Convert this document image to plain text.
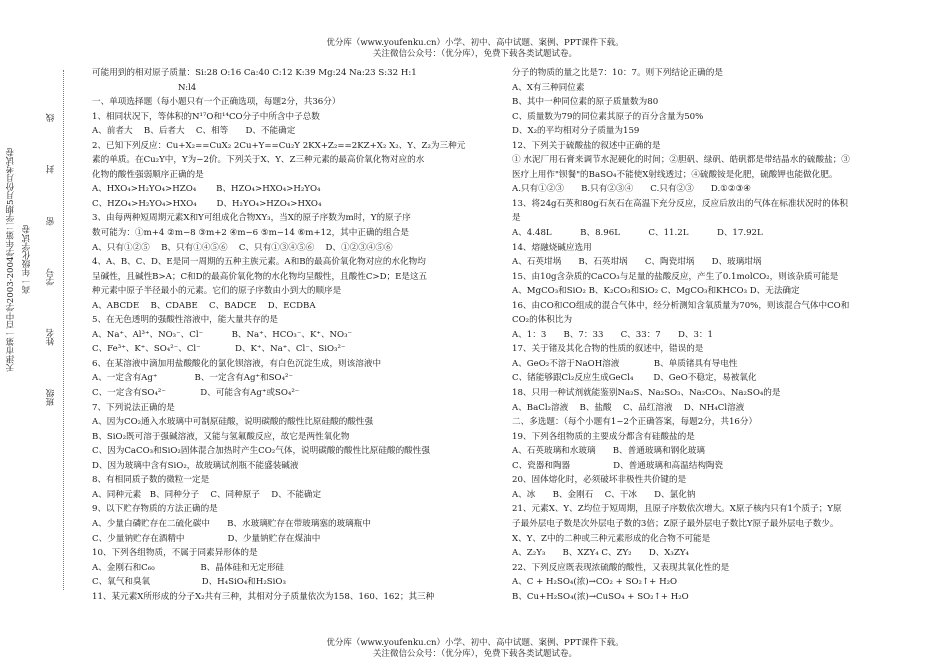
优分库（www.youfenku.cn）小学、初中、高中试题、案例、PPT课件下载。
关注微信公众号：（优分库），免费下载各类试题试卷。
天津市第一百中学2003-2004学年第二学期5月份月考试卷 高一年级化学试卷 班级　　　　　姓名　　　　　学号　　　　　密　　　　　封　　　　　线
可能用到的相对原子质量：Si:28 O:16 Ca:40 C:12 K:39 Mg:24 Na:23 S:32 H:1
　　　　　　　　　　N:l4
一、单项选择题（每小题只有一个正确选项，每题2分，共36分）
1、相同状况下，等体积的N¹⁷O和¹⁴CO分子中所含中子总数
A、前者大　 B、后者大　 C、相等　　D、不能确定
2、已知下列反应：Cu+X₂==CuX₂ 2Cu+Y==Cu₂Y 2KX+Z₂==2KZ+X₂ X₂、Y、Z₂为三种元
素的单质。在Cu₂Y中，Y为−2价。下列关于X、Y、Z三种元素的最高价氧化物对应的水
化物的酸性强弱顺序正确的是
A、HXO₄>H₂YO₄>HZO₄　　 B、HZO₄>HXO₄>H₂YO₄
C、HZO₄>H₂YO₄>HXO₄　　 D、H₂YO₄>HZO₄>HXO₄
3、由每两种短周期元素X和Y可组成化合物XY₃，当X的原子序数为m时，Y的原子序
数可能为：①m+4 ②m−8 ③m+2 ④m−6 ⑤m−14 ⑥m+12，其中正确的组合是
A、只有①②⑤　 B、只有①④⑤⑥　 C、只有①③④⑤⑥　 D、①②③④⑤⑥
4、A、B、C、D、E是同一周期的五种主族元素。A和B的最高价氧化物对应的水化物均
呈碱性，且碱性B>A；C和D的最高价氧化物的水化物均呈酸性，且酸性C>D；E是这五
种元素中原子半径最小的元素。它们的原子序数由小到大的顺序是
A、ABCDE　 B、CDABE　 C、BADCE　 D、ECDBA
5、在无色透明的强酸性溶液中，能大量共存的是
A、Na⁺、Al³⁺、NO₃⁻、Cl⁻　　　 B、Na⁺、HCO₃⁻、K⁺、NO₃⁻
C、Fe³⁺、K⁺、SO₄²⁻、Cl⁻　　　　D、K⁺、Na⁺、Cl⁻、SiO₃²⁻
6、在某溶液中滴加用盐酸酸化的氯化钡溶液，有白色沉淀生成，则该溶液中
A、一定含有Ag⁺　　　　 B、一定含有Ag⁺和SO₄²⁻
C、一定含有SO₄²⁻　　　　D、可能含有Ag⁺或SO₄²⁻
7、下列说法正确的是
A、因为CO₂通入水玻璃中可制原硅酸，说明碳酸的酸性比原硅酸的酸性强
B、SiO₂既可溶于强碱溶液，又能与氢氟酸反应，故它是两性氧化物
C、因为CaCO₃和SiO₂固体混合加热时产生CO₂气体，说明碳酸的酸性比原硅酸的酸性强
D、因为玻璃中含有SiO₂，故玻璃试剂瓶不能盛装碱液
8、有相同质子数的微粒一定是
A、同种元素　B、同种分子　 C、同种原子　 D、不能确定
9、以下贮存物质的方法正确的是
A、少量白磷贮存在二硫化碳中　　B、水玻璃贮存在带玻璃塞的玻璃瓶中
C、少量钠贮存在酒精中　　　　　D、少量钠贮存在煤油中
10、下列各组物质，不属于同素异形体的是
A、金刚石和C₆₀　　　　　 B、晶体硅和无定形硅
C、氧气和臭氧　　　　　　D、H₄SiO₄和H₂SiO₃
11、某元素X所形成的分子X₂共有三种，其相对分子质量依次为158、160、162；其三种
分子的物质的量之比是7：10：7。则下列结论正确的是
A、X有三种同位素
B、其中一种同位素的原子质量数为80
C、质量数为79的同位素其原子的百分含量为50%
D、X₂的平均相对分子质量为159
12、下列关于硫酸盐的叙述中正确的是
① 水泥厂用石膏来调节水泥硬化的时间；②胆矾、绿矾、皓矾都是带结晶水的硫酸盐；③
医疗上用作"钡餐"的BaSO₄不能使X射线透过；④硫酸铵是化肥，硫酸钾也能做化肥。
A.只有①②③　　B.只有②③④　　C.只有②③　　D.①②③④
13、将24g石英和80g石灰石在高温下充分反应，反应后放出的气体在标准状况时的体积
是
A、4.48L　　　 B、8.96L　　　 C、11.2L　　　 D、17.92L
14、熔融烧碱应选用
A、石英坩埚　　B、石英坩埚　　C、陶瓷坩埚　　D、玻璃坩埚
15、由10g含杂质的CaCO₃与足量的盐酸反应，产生了0.1molCO₂，则该杂质可能是
A、MgCO₃和SiO₂ B、K₂CO₃和SiO₂ C、MgCO₃和KHCO₃ D、无法确定
16、由CO和CO组成的混合气体中，经分析测知含氧质量为70%，则该混合气体中CO和
CO₂的体积比为
A、1：3　　B、7：33　　C、33：7　　D、3：1
17、关于锗及其化合物的性质的叙述中，错误的是
A、GeO₂不溶于NaOH溶液　　　　B、单质锗具有导电性
C、锗能够跟Cl₂反应生成GeCl₄　　 D、GeO不稳定，易被氧化
18、只用一种试剂就能鉴别Na₂S、Na₂SO₃、Na₂CO₃、Na₂SO₄的是
A、BaCl₂溶液　 B、盐酸　 C、品红溶液　 D、NH₄Cl溶液
二、多选题：（每个小题有1~2个正确答案，每题2分，共16分）
19、下列各组物质的主要成分都含有硅酸盐的是
A、石英玻璃和水玻璃　　B、普通玻璃和钢化玻璃
C、瓷器和陶器　　　　　D、普通玻璃和高温结构陶瓷
20、固体熔化时，必须破坏非极性共价键的是
A、冰　　B、金刚石　 C、干冰　　D、氯化钠
21、元素X、Y、Z均位于短周期，且原子序数依次增大。X原子核内只有1个质子；Y原
子最外层电子数是次外层电子数的3倍；Z原子最外层电子数比Y原子最外层电子数少。
X、Y、Z中的二种或三种元素形成的化合物不可能是
A、Z₂Y₃　　B、XZY₄ C、ZY₂　　D、X₃ZY₄
22、下列反应既表现浓硫酸的酸性，又表现其氧化性的是
A、C + H₂SO₄(浓)→CO₂ + SO₂↑+ H₂O
B、Cu+H₂SO₄(浓)→CuSO₄ + SO₂↑+ H₂O
优分库（www.youfenku.cn）小学、初中、高中试题、案例、PPT课件下载。
关注微信公众号：（优分库），免费下载各类试题试卷。
